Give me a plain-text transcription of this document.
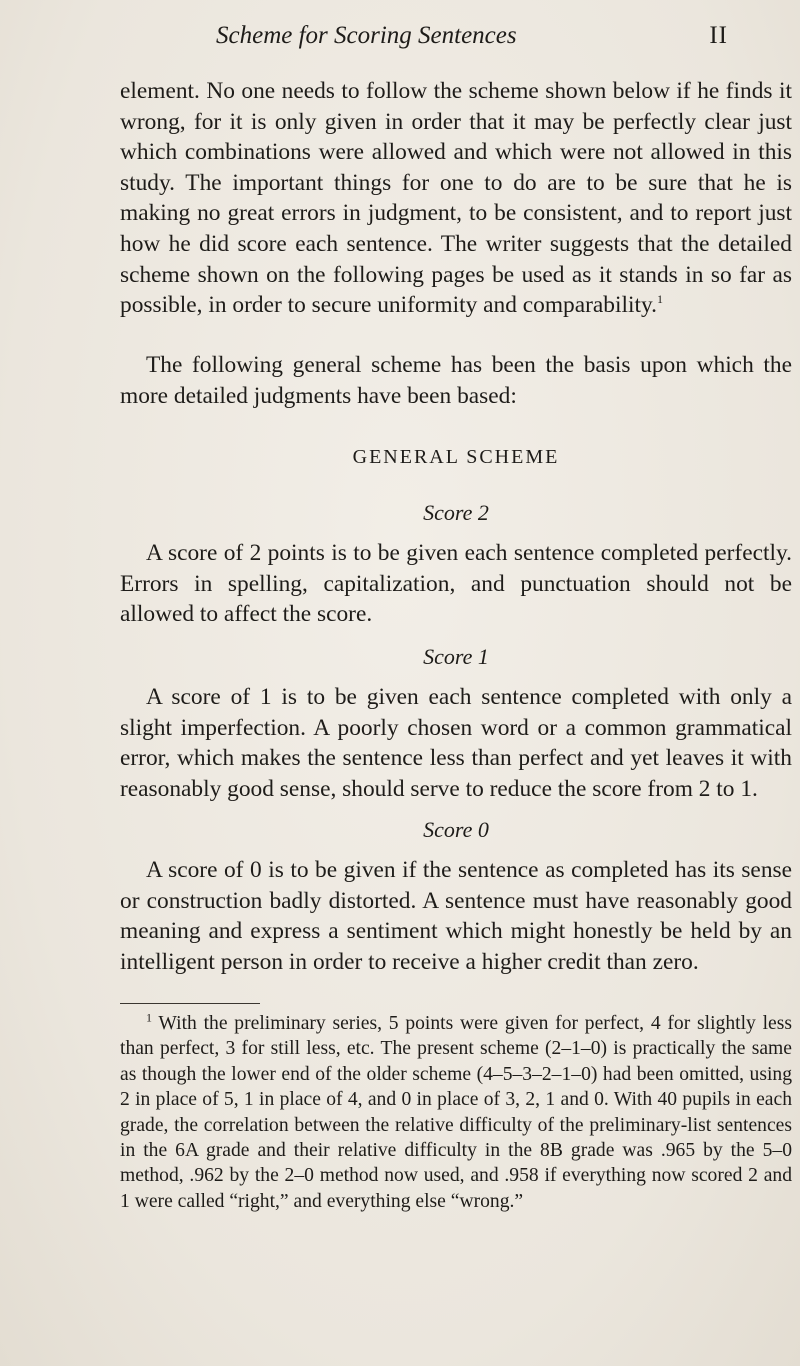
Scheme for Scoring Sentences	II

element. No one needs to follow the scheme shown below if he finds it wrong, for it is only given in order that it may be perfectly clear just which combinations were allowed and which were not allowed in this study. The important things for one to do are to be sure that he is making no great errors in judgment, to be consistent, and to report just how he did score each sentence. The writer suggests that the detailed scheme shown on the following pages be used as it stands in so far as possible, in order to secure uniformity and comparability.$^1$

The following general scheme has been the basis upon which the more detailed judgments have been based:

GENERAL SCHEME
Score 2

A score of 2 points is to be given each sentence completed perfectly. Errors in spelling, capitalization, and punctuation should not be allowed to affect the score.

Score 1

A score of 1 is to be given each sentence completed with only a slight imperfection. A poorly chosen word or a common grammatical error, which makes the sentence less than perfect and yet leaves it with reasonably good sense, should serve to reduce the score from 2 to 1.

Score 0

A score of 0 is to be given if the sentence as completed has its sense or construction badly distorted. A sentence must have reasonably good meaning and express a sentiment which might honestly be held by an intelligent person in order to receive a higher credit than zero.

$^1$ With the preliminary series, 5 points were given for perfect, 4 for slightly less than perfect, 3 for still less, etc. The present scheme (2–1–0) is practically the same as though the lower end of the older scheme (4–5–3–2–1–0) had been omitted, using 2 in place of 5, 1 in place of 4, and 0 in place of 3, 2, 1 and 0. With 40 pupils in each grade, the correlation between the relative difficulty of the preliminary-list sentences in the 6A grade and their relative difficulty in the 8B grade was .965 by the 5–0 method, .962 by the 2–0 method now used, and .958 if everything now scored 2 and 1 were called “right,” and everything else “wrong.”
